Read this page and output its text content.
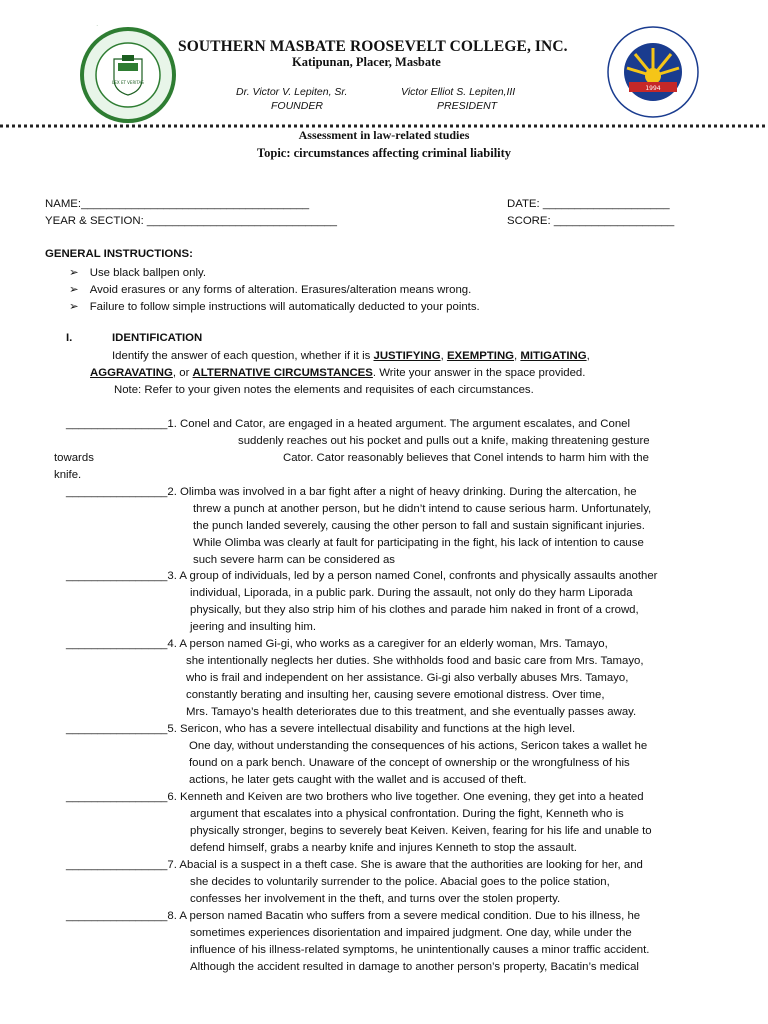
LEX ET VERITAS
1994
SOUTHERN MASBATE ROOSEVELT COLLEGE, INC.
Katipunan, Placer, Masbate
Dr. Victor V. Lepiten, Sr.
FOUNDER
Victor Elliot S. Lepiten,III
PRESIDENT
Assessment in law-related studies
Topic: circumstances affecting criminal liability
NAME:____________________________________	DATE: ____________________
YEAR & SECTION: ______________________________	SCORE: ___________________
GENERAL INSTRUCTIONS:
➢ Use black ballpen only.
➢ Avoid erasures or any forms of alteration. Erasures/alteration means wrong.
➢ Failure to follow simple instructions will automatically deducted to your points.
I.	IDENTIFICATION
Identify the answer of each question, whether if it is JUSTIFYING, EXEMPTING, MITIGATING,
AGGRAVATING, or ALTERNATIVE CIRCUMSTANCES. Write your answer in the space provided.
Note: Refer to your given notes the elements and requisites of each circumstances.
________________1. Conel and Cator, are engaged in a heated argument. The argument escalates, and Conel
suddenly reaches out his pocket and pulls out a knife, making threatening gesture
towards	Cator. Cator reasonably believes that Conel intends to harm him with the
knife.
________________2. Olimba was involved in a bar fight after a night of heavy drinking. During the altercation, he
threw a punch at another person, but he didn’t intend to cause serious harm. Unfortunately,
the punch landed severely, causing the other person to fall and sustain significant injuries.
While Olimba was clearly at fault for participating in the fight, his lack of intention to cause
such severe harm can be considered as
________________3. A group of individuals, led by a person named Conel, confronts and physically assaults another
individual, Liporada, in a public park. During the assault, not only do they harm Liporada
physically, but they also strip him of his clothes and parade him naked in front of a crowd,
jeering and insulting him.
________________4. A person named Gi-gi, who works as a caregiver for an elderly woman, Mrs. Tamayo,
she intentionally neglects her duties. She withholds food and basic care from Mrs. Tamayo,
who is frail and independent on her assistance. Gi-gi also verbally abuses Mrs. Tamayo,
constantly berating and insulting her, causing severe emotional distress. Over time,
Mrs. Tamayo’s health deteriorates due to this treatment, and she eventually passes away.
________________5. Sericon, who has a severe intellectual disability and functions at the high level.
One day, without understanding the consequences of his actions, Sericon takes a wallet he
found on a park bench. Unaware of the concept of ownership or the wrongfulness of his
actions, he later gets caught with the wallet and is accused of theft.
________________6. Kenneth and Keiven are two brothers who live together. One evening, they get into a heated
argument that escalates into a physical confrontation. During the fight, Kenneth who is
physically stronger, begins to severely beat Keiven. Keiven, fearing for his life and unable to
defend himself, grabs a nearby knife and injures Kenneth to stop the assault.
________________7. Abacial is a suspect in a theft case. She is aware that the authorities are looking for her, and
she decides to voluntarily surrender to the police. Abacial goes to the police station,
confesses her involvement in the theft, and turns over the stolen property.
________________8. A person named Bacatin who suffers from a severe medical condition. Due to his illness, he
sometimes experiences disorientation and impaired judgment. One day, while under the
influence of his illness-related symptoms, he unintentionally causes a minor traffic accident.
Although the accident resulted in damage to another person’s property, Bacatin’s medical
